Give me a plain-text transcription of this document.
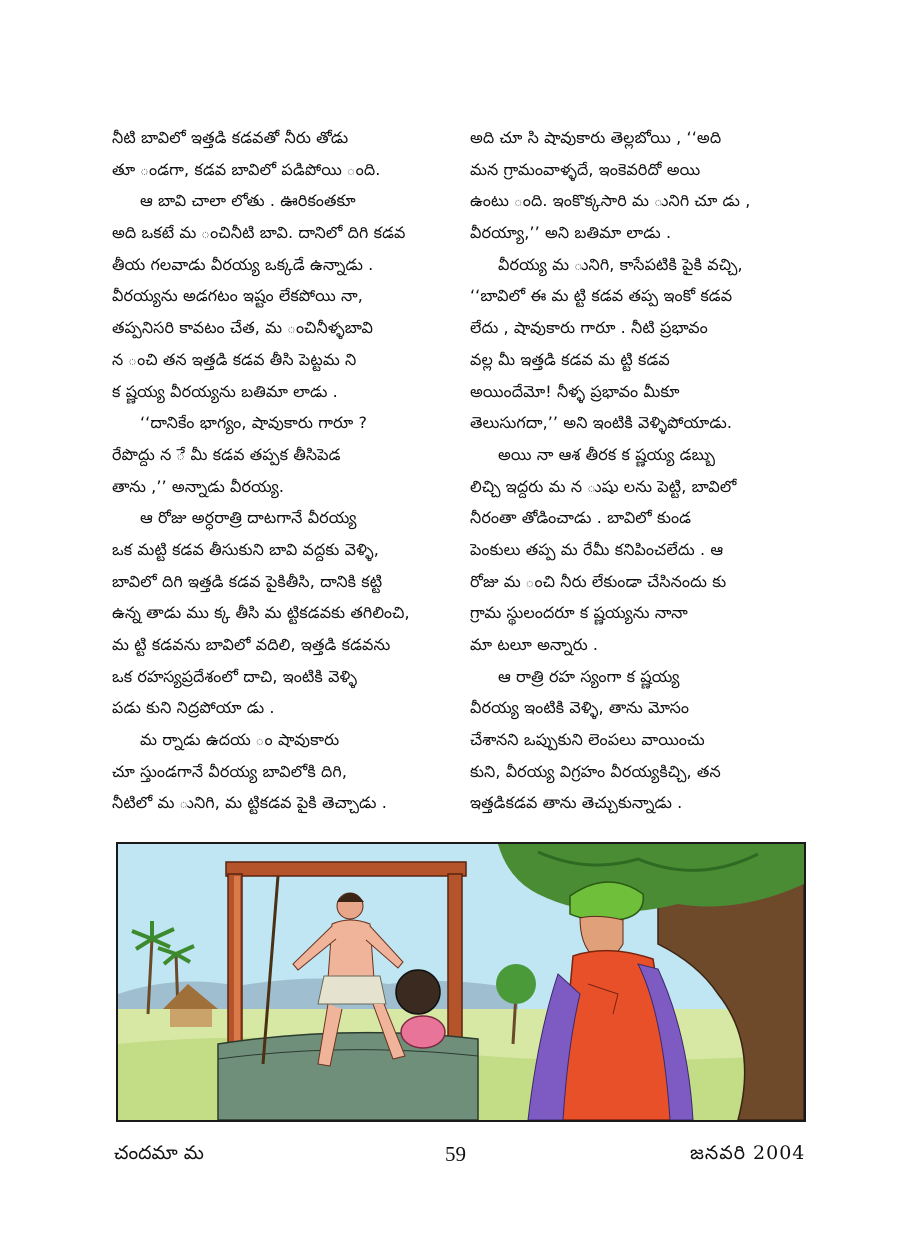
నీటి బావిలో ఇత్తడి కడవతో నీరు తోడు
తూ ండగా, కడవ బావిలో పడిపోయి ంది.
ఆ బావి చాలా లోతు . ఊరికంతకూ
అది ఒకటే మ ంచినీటి బావి. దానిలో దిగి కడవ
తీయ గలవాడు వీరయ్య ఒక్కడే ఉన్నాడు .
వీరయ్యను అడగటం ఇష్టం లేకపోయి నా,
తప్పనిసరి కావటం చేత, మ ంచినీళ్ళబావి
న ంచి తన ఇత్తడి కడవ తీసి పెట్టమ ని
క ష్ణయ్య వీరయ్యను బతిమా లాడు .
‘‘దానికేం భాగ్యం, షావుకారు గారూ ?
రేపొద్దు న ే మీ కడవ తప్పక తీసిపెడ
తాను ,’’ అన్నాడు వీరయ్య.
ఆ రోజు అర్ధరాత్రి దాటగానే వీరయ్య
ఒక మట్టి కడవ తీసుకుని బావి వద్దకు వెళ్ళి,
బావిలో దిగి ఇత్తడి కడవ పైకితీసి, దానికి కట్టి
ఉన్న తాడు ము క్క తీసి మ ట్టికడవకు తగిలించి,
మ ట్టి కడవను బావిలో వదిలి, ఇత్తడి కడవను
ఒక రహస్యప్రదేశంలో దాచి, ఇంటికి వెళ్ళి
పడు కుని నిద్రపోయా డు .
మ ర్నాడు ఉదయ ం షావుకారు
చూ స్తుండగానే వీరయ్య బావిలోకి దిగి,
నీటిలో మ ునిగి, మ ట్టికడవ పైకి తెచ్చాడు .
అది చూ సి షావుకారు తెల్లబోయి , ‘‘అది
మన గ్రామంవాళ్ళదే, ఇంకెవరిదో అయి
ఉంటు ంది. ఇంకొక్కసారి మ ునిగి చూ డు ,
వీరయ్యా,’’ అని బతిమా లాడు .
వీరయ్య మ ునిగి, కాసేపటికి పైకి వచ్చి,
‘‘బావిలో ఈ మ ట్టి కడవ తప్ప ఇంకో కడవ
లేదు , షావుకారు గారూ . నీటి ప్రభావం
వల్ల మీ ఇత్తడి కడవ మ ట్టి కడవ
అయిందేమో! నీళ్ళ ప్రభావం మీకూ
తెలుసుగదా,’’ అని ఇంటికి వెళ్ళిపోయాడు.
అయి నా ఆశ తీరక క ష్ణయ్య డబ్బు
లిచ్చి ఇద్దరు మ న ుషు లను పెట్టి, బావిలో
నీరంతా తోడించాడు . బావిలో కుండ
పెంకులు తప్ప మ రేమీ కనిపించలేదు . ఆ
రోజు మ ంచి నీరు లేకుండా చేసినందు కు
గ్రామ స్థులందరూ క ష్ణయ్యను నానా
మా టలూ అన్నారు .
ఆ రాత్రి రహ స్యంగా క ష్ణయ్య
వీరయ్య ఇంటికి వెళ్ళి, తాను మోసం
చేశానని ఒప్పుకుని లెంపలు వాయించు
కుని, వీరయ్య విగ్రహం వీరయ్యకిచ్చి, తన
ఇత్తడికడవ తాను తెచ్చుకున్నాడు .
చందమా మ	59	జనవరి 2004
